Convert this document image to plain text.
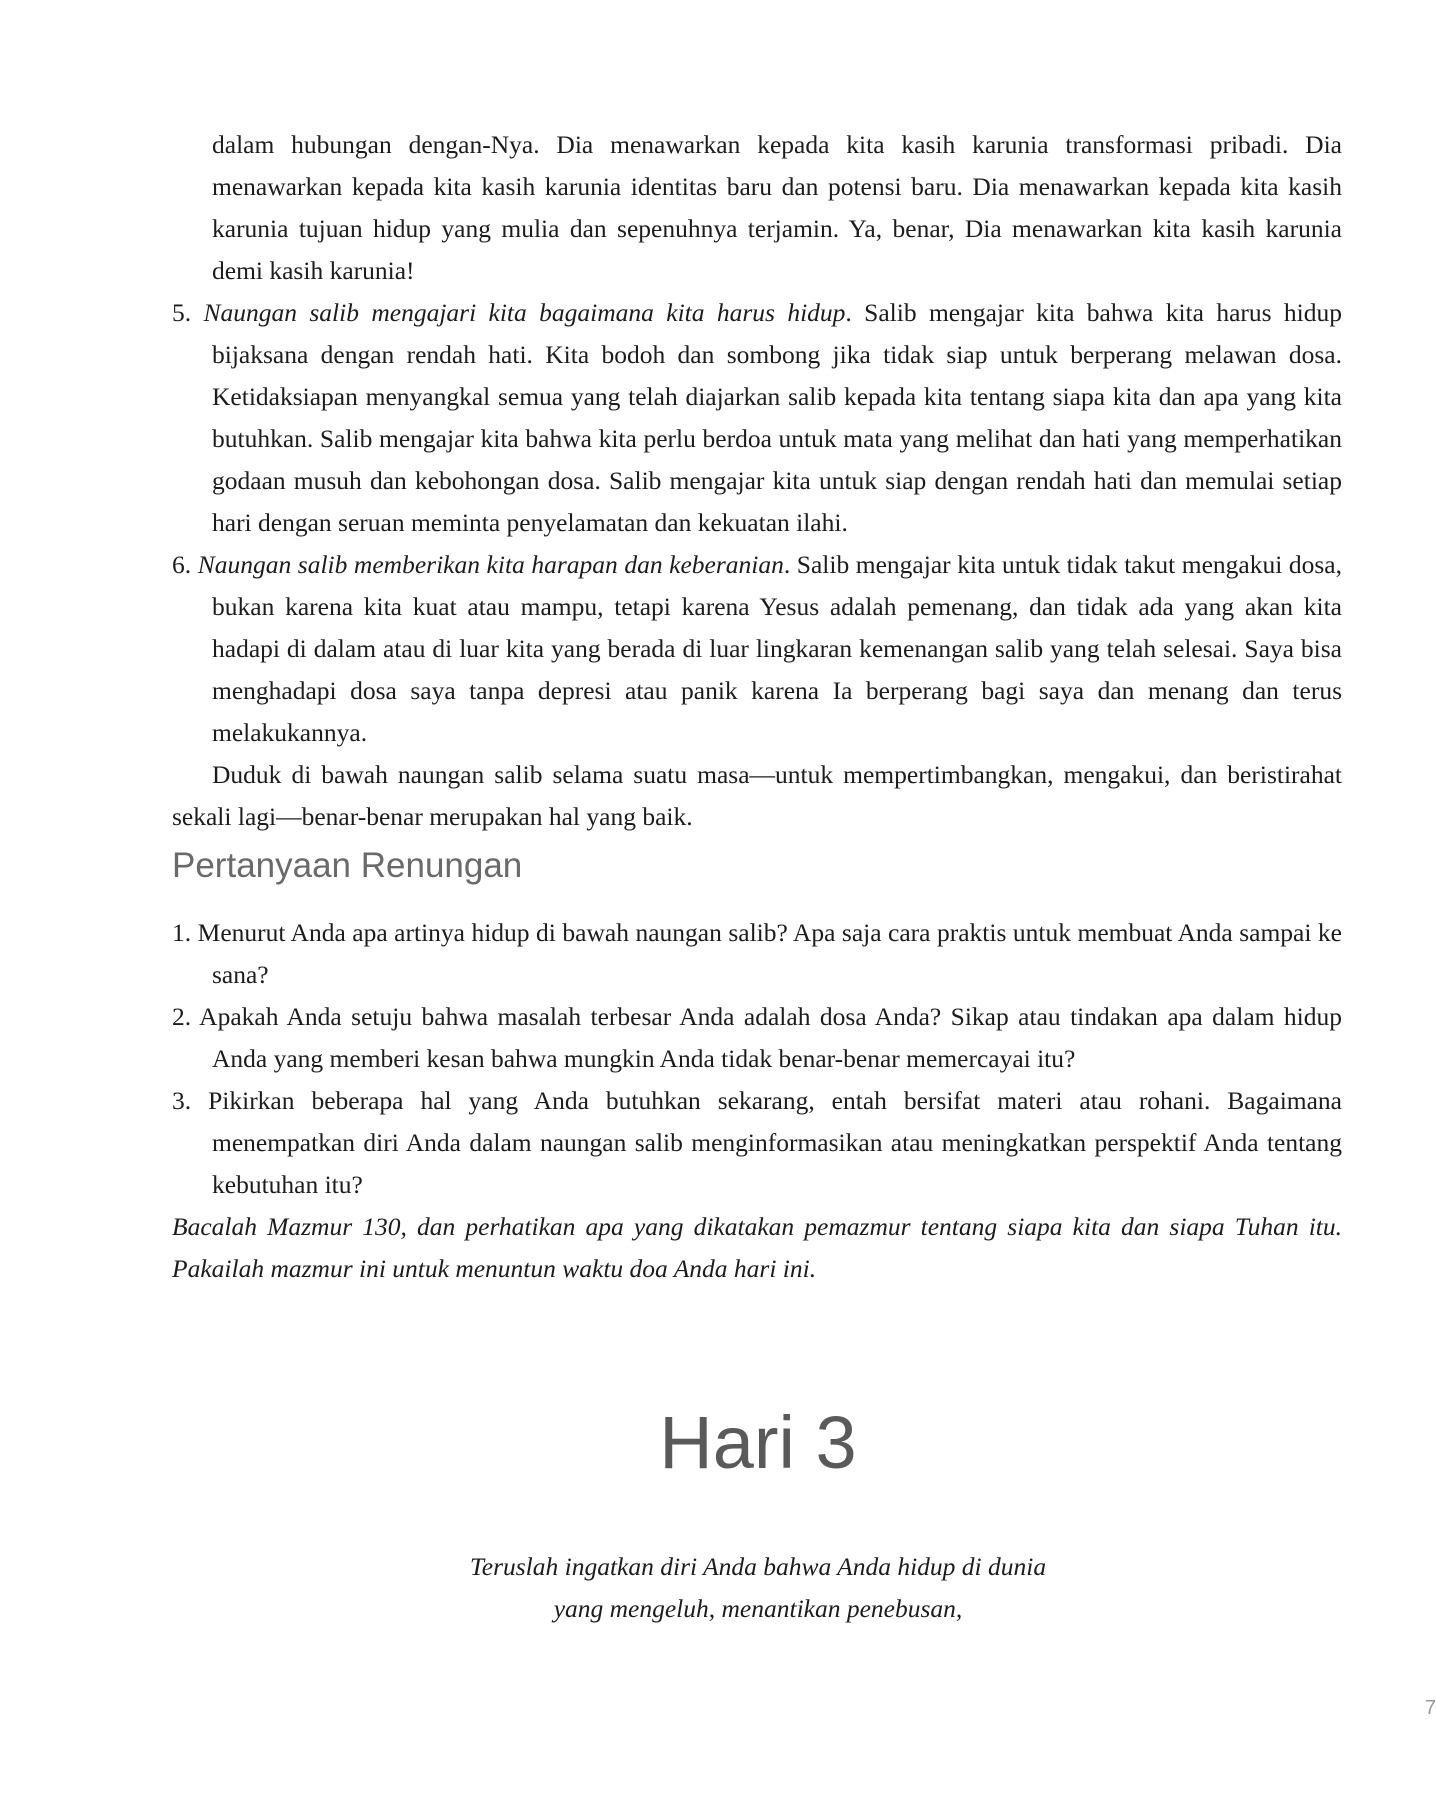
dalam hubungan dengan-Nya. Dia menawarkan kepada kita kasih karunia transformasi pribadi. Dia menawarkan kepada kita kasih karunia identitas baru dan potensi baru. Dia menawarkan kepada kita kasih karunia tujuan hidup yang mulia dan sepenuhnya terjamin. Ya, benar, Dia menawarkan kita kasih karunia demi kasih karunia!

5. Naungan salib mengajari kita bagaimana kita harus hidup. Salib mengajar kita bahwa kita harus hidup bijaksana dengan rendah hati. Kita bodoh dan sombong jika tidak siap untuk berperang melawan dosa. Ketidaksiapan menyangkal semua yang telah diajarkan salib kepada kita tentang siapa kita dan apa yang kita butuhkan. Salib mengajar kita bahwa kita perlu berdoa untuk mata yang melihat dan hati yang memperhatikan godaan musuh dan kebohongan dosa. Salib mengajar kita untuk siap dengan rendah hati dan memulai setiap hari dengan seruan meminta penyelamatan dan kekuatan ilahi.

6. Naungan salib memberikan kita harapan dan keberanian. Salib mengajar kita untuk tidak takut mengakui dosa, bukan karena kita kuat atau mampu, tetapi karena Yesus adalah pemenang, dan tidak ada yang akan kita hadapi di dalam atau di luar kita yang berada di luar lingkaran kemenangan salib yang telah selesai. Saya bisa menghadapi dosa saya tanpa depresi atau panik karena Ia berperang bagi saya dan menang dan terus melakukannya.

Duduk di bawah naungan salib selama suatu masa—untuk mempertimbangkan, mengakui, dan beristirahat sekali lagi—benar-benar merupakan hal yang baik.

Pertanyaan Renungan

1. Menurut Anda apa artinya hidup di bawah naungan salib? Apa saja cara praktis untuk membuat Anda sampai ke sana?

2. Apakah Anda setuju bahwa masalah terbesar Anda adalah dosa Anda? Sikap atau tindakan apa dalam hidup Anda yang memberi kesan bahwa mungkin Anda tidak benar-benar memercayai itu?

3. Pikirkan beberapa hal yang Anda butuhkan sekarang, entah bersifat materi atau rohani. Bagaimana menempatkan diri Anda dalam naungan salib menginformasikan atau meningkatkan perspektif Anda tentang kebutuhan itu?

Bacalah Mazmur 130, dan perhatikan apa yang dikatakan pemazmur tentang siapa kita dan siapa Tuhan itu. Pakailah mazmur ini untuk menuntun waktu doa Anda hari ini.

Hari 3
Teruslah ingatkan diri Anda bahwa Anda hidup di dunia
yang mengeluh, menantikan penebusan,
7
